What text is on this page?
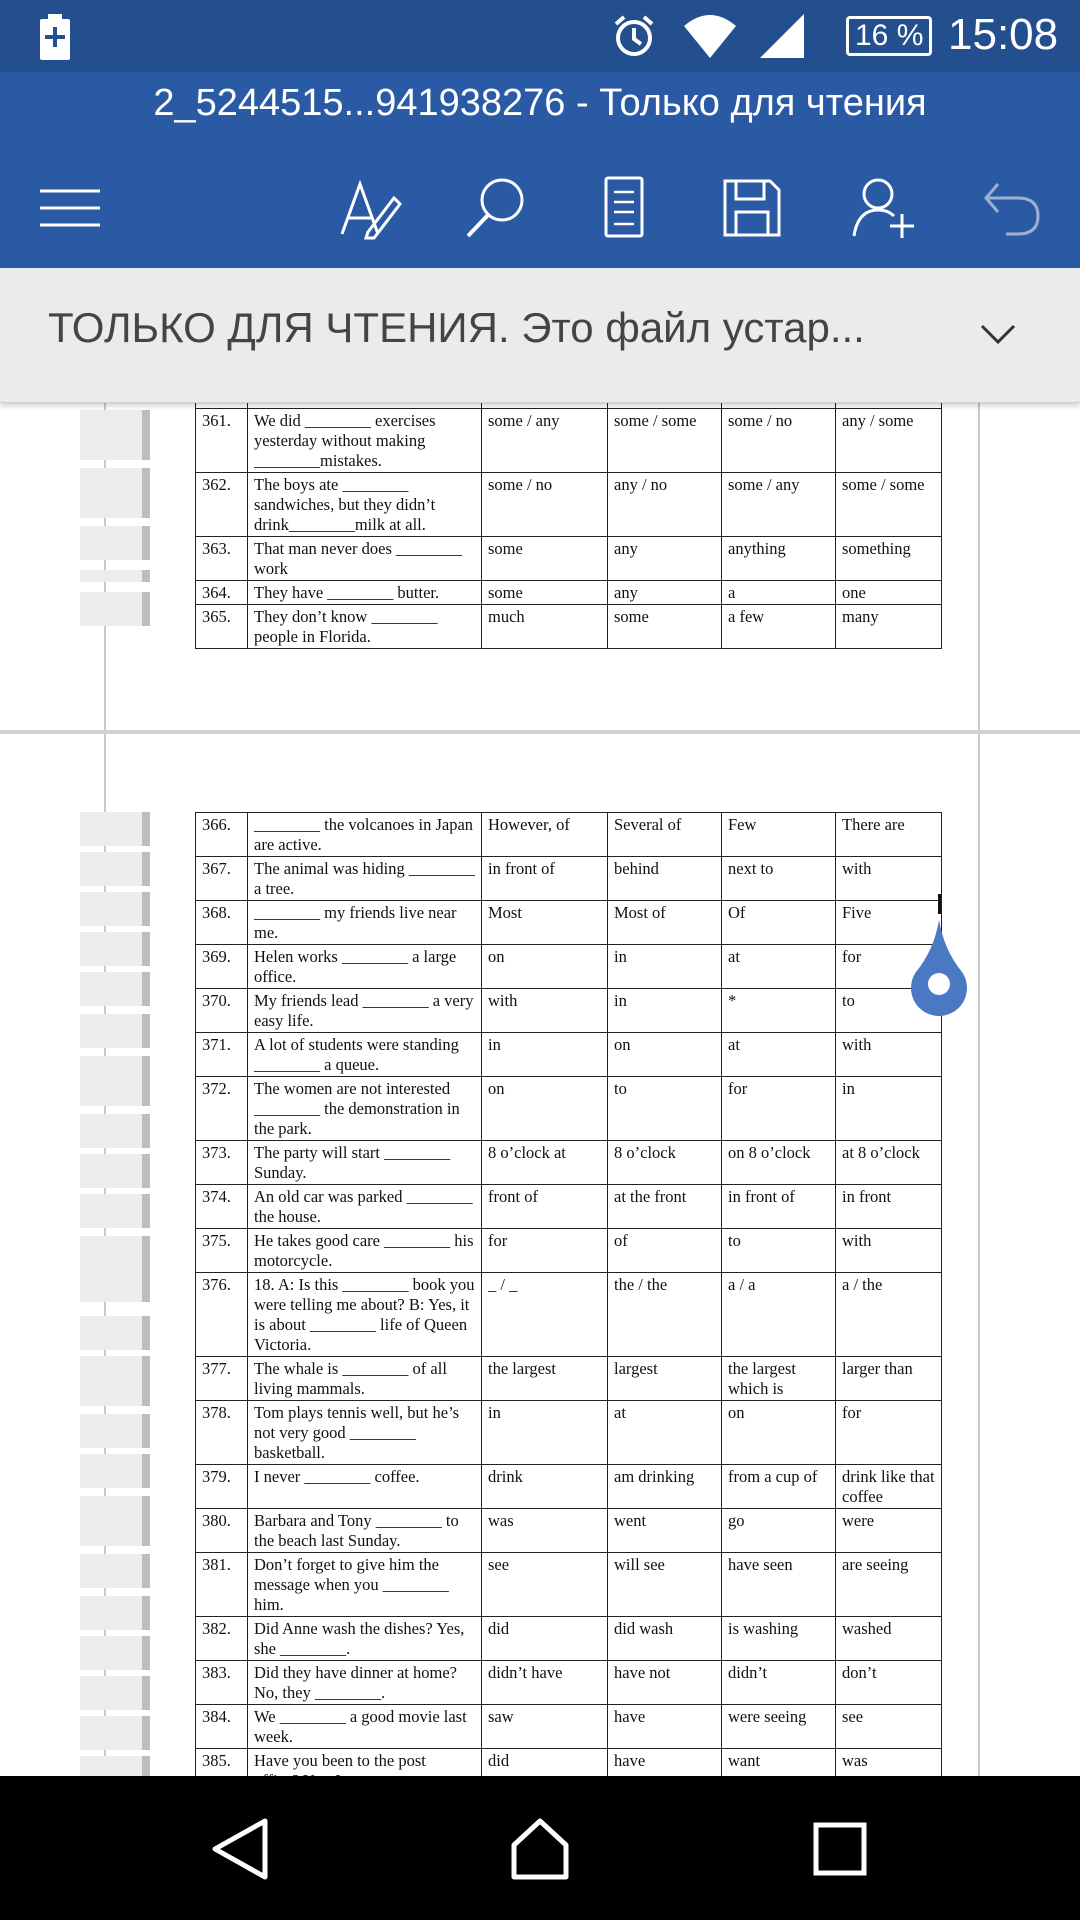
16 % 15:08
2_5244515...941938276 - Только для чтения
ТОЛЬКО ДЛЯ ЧТЕНИЯ. Это файл устар...

361.	We did ________ exercises yesterday without making ________mistakes.	some / any	some / some	some / no	any / some
362.	The boys ate ________ sandwiches, but they didn’t drink________milk at all.	some / no	any / no	some / any	some / some
363.	That man never does ________ work	some	any	anything	something
364.	They have ________ butter.	some	any	a	one
365.	They don’t know ________ people in Florida.	much	some	a few	many
366.	________ the volcanoes in Japan are active.	However, of	Several of	Few	There are
367.	The animal was hiding ________ a tree.	in front of	behind	next to	with
368.	________ my friends live near me.	Most	Most of	Of	Five
369.	Helen works ________ a large office.	on	in	at	for
370.	My friends lead ________ a very easy life.	with	in	*	to
371.	A lot of students were standing ________ a queue.	in	on	at	with
372.	The women are not interested ________ the demonstration in the park.	on	to	for	in
373.	The party will start ________ Sunday.	8 o’clock at	8 o’clock	on 8 o’clock	at 8 o’clock
374.	An old car was parked ________ the house.	front of	at the front	in front of	in front
375.	He takes good care ________ his motorcycle.	for	of	to	with
376.	18. A: Is this ________ book you were telling me about? B: Yes, it is about ________ life of Queen Victoria.	_ / _	the / the	a / a	a / the
377.	The whale is ________ of all living mammals.	the largest	largest	the largest which is	larger than
378.	Tom plays tennis well, but he’s not very good ________ basketball.	in	at	on	for
379.	I never ________ coffee.	drink	am drinking	from a cup of	drink like that coffee
380.	Barbara and Tony ________ to the beach last Sunday.	was	went	go	were
381.	Don’t forget to give him the message when you ________ him.	see	will see	have seen	are seeing
382.	Did Anne wash the dishes? Yes, she ________.	did	did wash	is washing	washed
383.	Did they have dinner at home? No, they ________.	didn’t have	have not	didn’t	don’t
384.	We ________ a good movie last week.	saw	have	were seeing	see
385.	Have you been to the post	did	have	want	was
